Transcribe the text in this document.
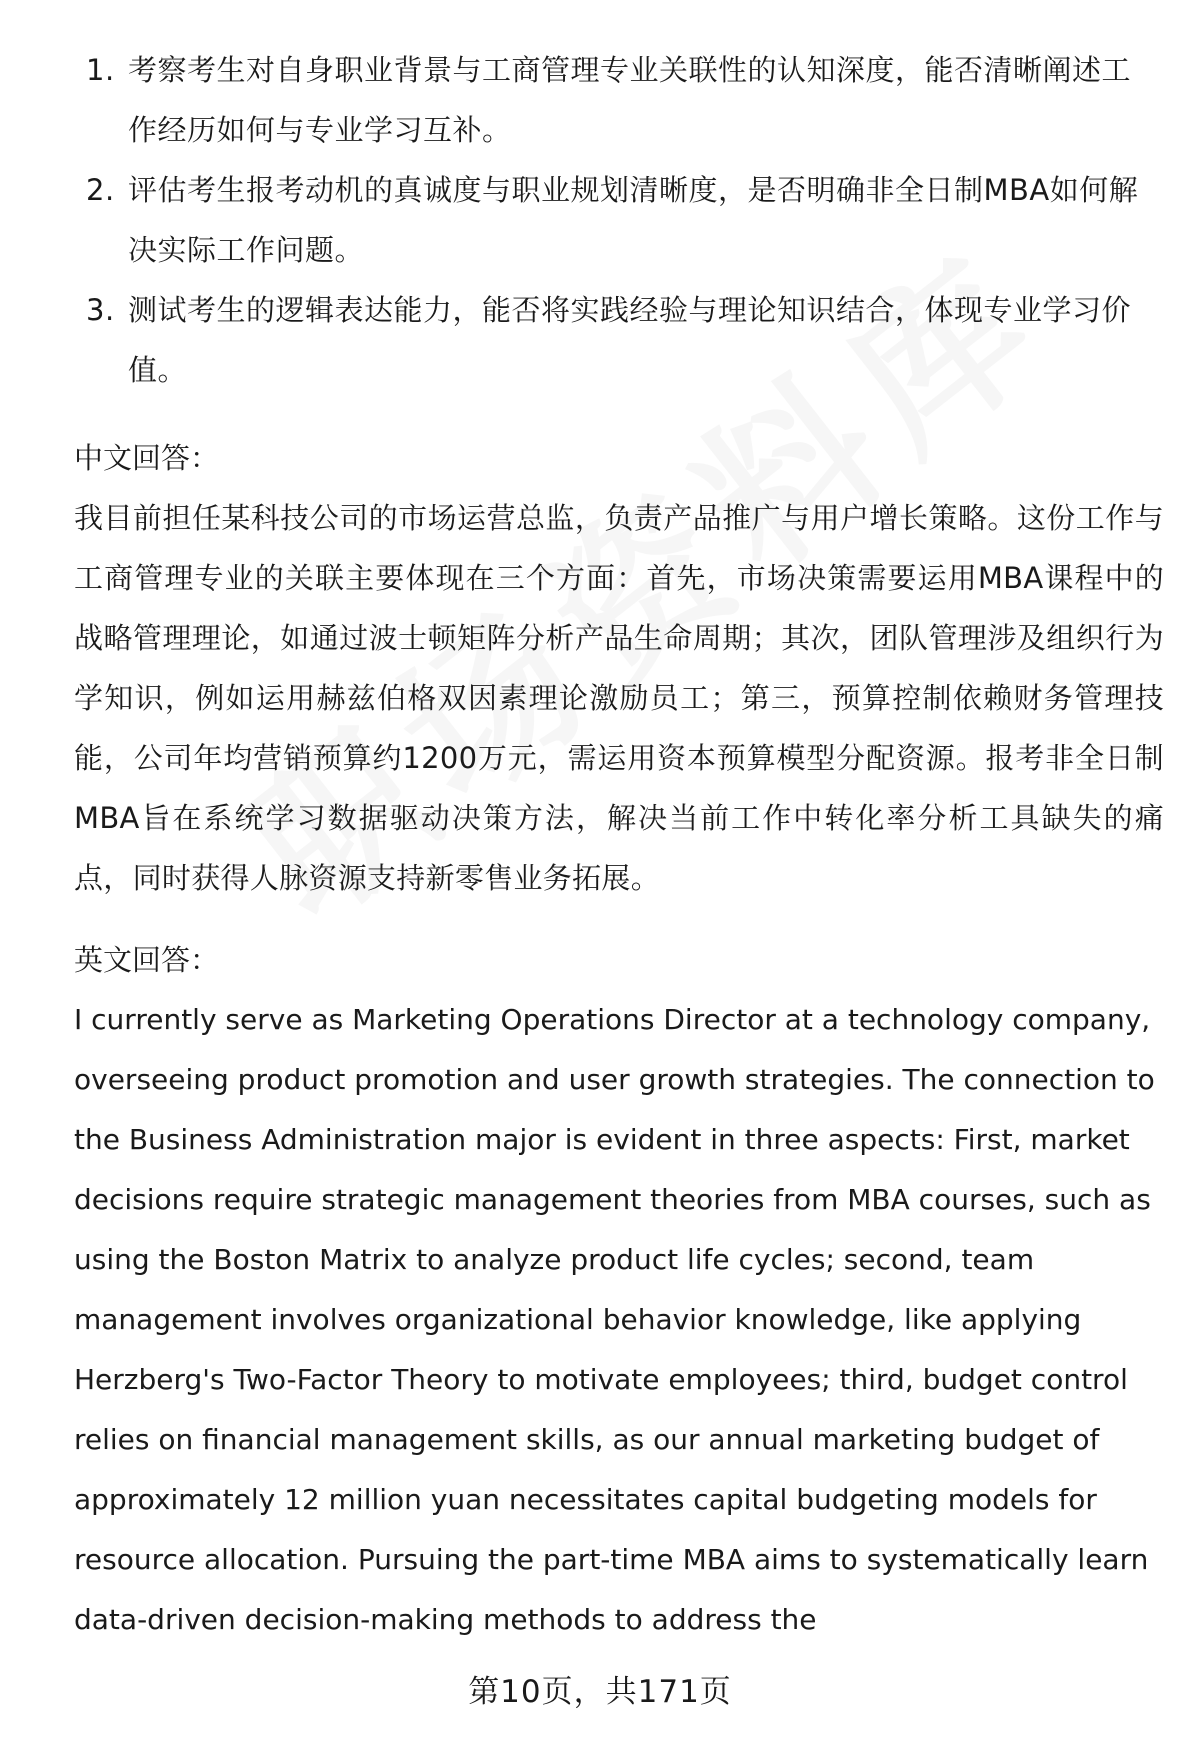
1. 考察考生对自身职业背景与工商管理专业关联性的认知深度，能否清晰阐述工作经历如何与专业学习互补。
2. 评估考生报考动机的真诚度与职业规划清晰度，是否明确非全日制MBA如何解决实际工作问题。
3. 测试考生的逻辑表达能力，能否将实践经验与理论知识结合，体现专业学习价值。
中文回答：

我目前担任某科技公司的市场运营总监，负责产品推广与用户增长策略。这份工作与工商管理专业的关联主要体现在三个方面：首先，市场决策需要运用MBA课程中的战略管理理论，如通过波士顿矩阵分析产品生命周期；其次，团队管理涉及组织行为学知识，例如运用赫兹伯格双因素理论激励员工；第三，预算控制依赖财务管理技能，公司年均营销预算约1200万元，需运用资本预算模型分配资源。报考非全日制MBA旨在系统学习数据驱动决策方法，解决当前工作中转化率分析工具缺失的痛点，同时获得人脉资源支持新零售业务拓展。

英文回答：

I currently serve as Marketing Operations Director at a technology company, overseeing product promotion and user growth strategies. The connection to the Business Administration major is evident in three aspects: First, market decisions require strategic management theories from MBA courses, such as using the Boston Matrix to analyze product life cycles; second, team management involves organizational behavior knowledge, like applying Herzberg's Two-Factor Theory to motivate employees; third, budget control relies on financial management skills, as our annual marketing budget of approximately 12 million yuan necessitates capital budgeting models for resource allocation. Pursuing the part-time MBA aims to systematically learn data-driven decision-making methods to address the

第10页，共171页
